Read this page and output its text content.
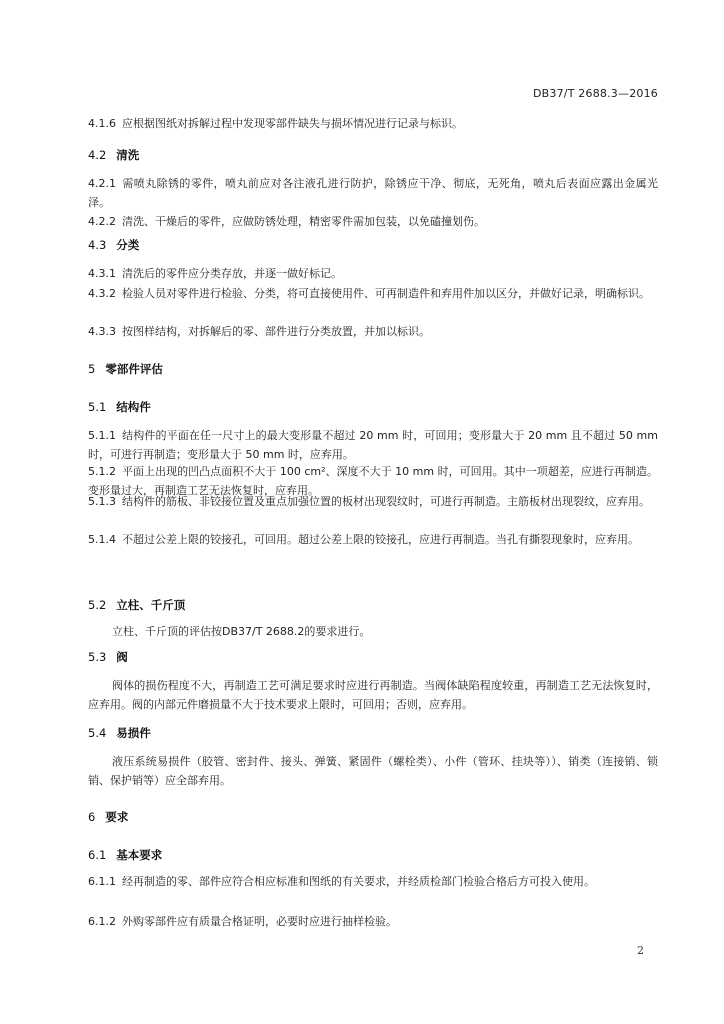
DB37/T 2688.3—2016
4.1.6 应根据图纸对拆解过程中发现零部件缺失与损坏情况进行记录与标识。
4.2 清洗
4.2.1 需喷丸除锈的零件，喷丸前应对各注液孔进行防护，除锈应干净、彻底，无死角，喷丸后表面应露出金属光泽。
4.2.2 清洗、干燥后的零件，应做防锈处理，精密零件需加包装，以免磕撞划伤。
4.3 分类
4.3.1 清洗后的零件应分类存放，并逐一做好标记。
4.3.2 检验人员对零件进行检验、分类，将可直接使用件、可再制造件和弃用件加以区分，并做好记录，明确标识。
4.3.3 按图样结构，对拆解后的零、部件进行分类放置，并加以标识。
5 零部件评估
5.1 结构件
5.1.1 结构件的平面在任一尺寸上的最大变形量不超过 20 mm 时，可回用；变形量大于 20 mm 且不超过 50 mm 时，可进行再制造；变形量大于 50 mm 时，应弃用。
5.1.2 平面上出现的凹凸点面积不大于 100 cm²、深度不大于 10 mm 时，可回用。其中一项超差，应进行再制造。变形量过大，再制造工艺无法恢复时，应弃用。
5.1.3 结构件的筋板、非铰接位置及重点加强位置的板材出现裂纹时，可进行再制造。主筋板材出现裂纹，应弃用。
5.1.4 不超过公差上限的铰接孔，可回用。超过公差上限的铰接孔，应进行再制造。当孔有撕裂现象时，应弃用。
5.2 立柱、千斤顶
立柱、千斤顶的评估按DB37/T 2688.2的要求进行。
5.3 阀
阀体的损伤程度不大，再制造工艺可满足要求时应进行再制造。当阀体缺陷程度较重，再制造工艺无法恢复时，应弃用。阀的内部元件磨损量不大于技术要求上限时，可回用；否则，应弃用。
5.4 易损件
液压系统易损件（胶管、密封件、接头、弹簧、紧固件（螺栓类）、小件（管环、挂块等））、销类（连接销、锁销、保护销等）应全部弃用。
6 要求
6.1 基本要求
6.1.1 经再制造的零、部件应符合相应标准和图纸的有关要求，并经质检部门检验合格后方可投入使用。
6.1.2 外购零部件应有质量合格证明，必要时应进行抽样检验。
2
